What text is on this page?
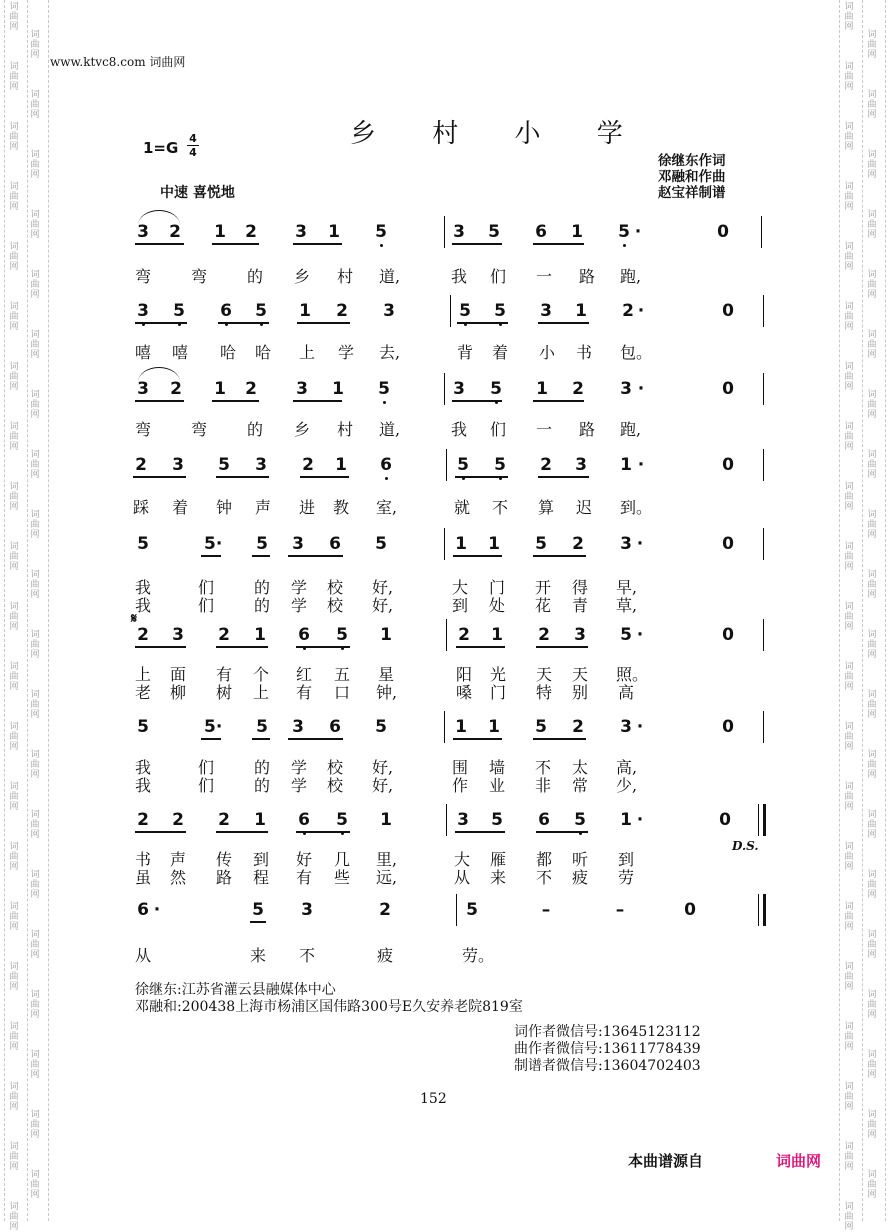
词
曲
网
词
曲
网
词
曲
网
词
曲
网
词
曲
网
词
曲
网
词
曲
网
词
曲
网
词
曲
网
词
曲
网
词
曲
网
词
曲
网
词
曲
网
词
曲
网
词
曲
网
词
曲
网
词
曲
网
词
曲
网
词
曲
网
词
曲
网
词
曲
网
词
曲
网
词
曲
网
词
曲
网
词
曲
网
词
曲
网
词
曲
网
词
曲
网
词
曲
网
词
曲
网
词
曲
网
词
曲
网
词
曲
网
词
曲
网
词
曲
网
词
曲
网
词
曲
网
词
曲
网
词
曲
网
词
曲
网
词
曲
网
词
曲
网
词
曲
网
词
曲
网
词
曲
网
词
曲
网
词
曲
网
词
曲
网
词
曲
网
词
曲
网
词
曲
网
词
曲
网
词
曲
网
词
曲
网
词
曲
网
词
曲
网
词
曲
网
词
曲
网
词
曲
网
词
曲
网
词
曲
网
词
曲
网
词
曲
网
词
曲
网
词
曲
网
词
曲
网
词
曲
网
词
曲
网
词
曲
网
词
曲
网
词
曲
网
词
曲
网
词
曲
网
词
曲
网
词
曲
网
词
曲
网
词
曲
网
词
曲
网
词
曲
网
词
曲
网
词
曲
网
词
曲
网
www.ktvc8.com 词曲网
乡 村 小 学
1=G
4
4
中速 喜悦地
徐继东作词
邓融和作曲
赵宝祥制谱
3 2 1 2 3 1 5	3 5 6 1 5 ·	0
弯 弯 的 乡 村 道,	我 们 一 路 跑,
3 5 6 5 1 2 3	5 5 3 1 2 ·	0
嘻 嘻 哈 哈 上 学 去,	背 着 小 书 包。
3 2 1 2 3 1 5	3 5 1 2 3 ·	0
弯 弯 的 乡 村 道,	我 们 一 路 跑,
2 3 5 3 2 1 6	5 5 2 3 1 ·	0
踩 着 钟 声 进 教 室,	就 不 算 迟 到。
5	5· 5 3 6 5	1 1 5 2 3 ·	0
我	们 的 学 校 好,	大 门 开 得 早,
我	们 的 学 校 好,	到 处 花 青 草,
2 3 2 1 6 5 1	2 1 2 3 5 ·	0
上 面 有 个 红 五 星	阳 光 天 天 照。
老 柳 树 上 有 口 钟,	嗓 门 特 别 高
5	5· 5 3 6 5	1 1 5 2 3 ·	0
我	们 的 学 校 好,	围 墙 不 太 高,
我	们 的 学 校 好,	作 业 非 常 少,
2 2 2 1 6 5 1	3 5 6 5 1 ·	0
书 声 传 到 好 几 里,	大 雁 都 听 到
虽 然 路 程 有 些 远,	从 来 不 疲 劳
6 ·	5 3	2	5	–	–	0
从	来 不	疲	劳。
𝄋
D.S.
徐继东:江苏省灌云县融媒体中心
邓融和:200438上海市杨浦区国伟路300号E久安养老院819室
词作者微信号:13645123112
曲作者微信号:13611778439
制谱者微信号:13604702403
152
本曲谱源自	词曲网
